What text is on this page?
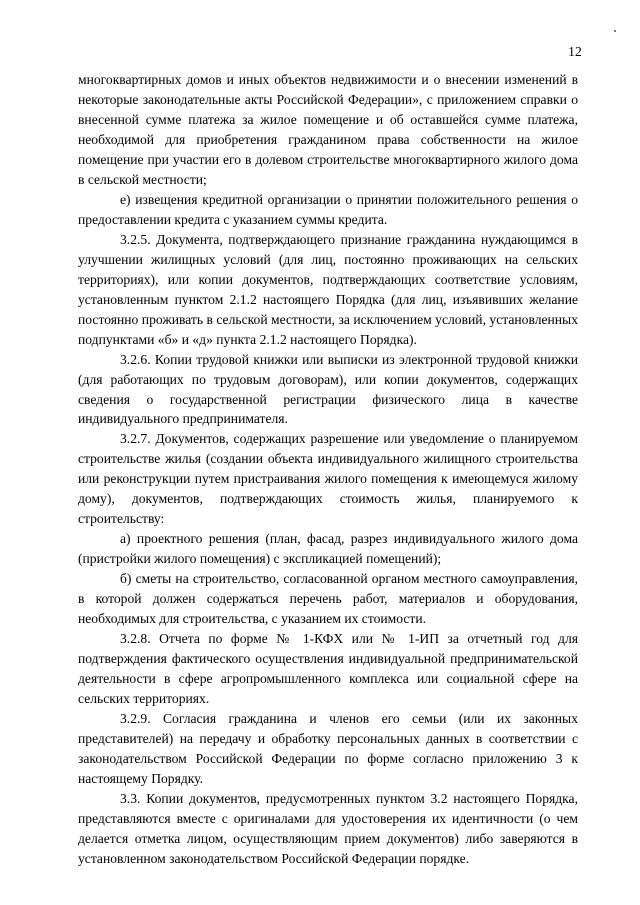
12

многоквартирных домов и иных объектов недвижимости и о внесении изменений в некоторые законодательные акты Российской Федерации», с приложением справки о внесенной сумме платежа за жилое помещение и об оставшейся сумме платежа, необходимой для приобретения гражданином права собственности на жилое помещение при участии его в долевом строительстве многоквартирного жилого дома в сельской местности;

е) извещения кредитной организации о принятии положительного решения о предоставлении кредита с указанием суммы кредита.

3.2.5. Документа, подтверждающего признание гражданина нуждающимся в улучшении жилищных условий (для лиц, постоянно проживающих на сельских территориях), или копии документов, подтверждающих соответствие условиям, установленным пунктом 2.1.2 настоящего Порядка (для лиц, изъявивших желание постоянно проживать в сельской местности, за исключением условий, установленных подпунктами «б» и «д» пункта 2.1.2 настоящего Порядка).

3.2.6. Копии трудовой книжки или выписки из электронной трудовой книжки (для работающих по трудовым договорам), или копии документов, содержащих сведения о государственной регистрации физического лица в качестве индивидуального предпринимателя.

3.2.7. Документов, содержащих разрешение или уведомление о планируемом строительстве жилья (создании объекта индивидуального жилищного строительства или реконструкции путем пристраивания жилого помещения к имеющемуся жилому дому), документов, подтверждающих стоимость жилья, планируемого к строительству:

а) проектного решения (план, фасад, разрез индивидуального жилого дома (пристройки жилого помещения) с экспликацией помещений);

б) сметы на строительство, согласованной органом местного самоуправления, в которой должен содержаться перечень работ, материалов и оборудования, необходимых для строительства, с указанием их стоимости.

3.2.8. Отчета по форме № 1-КФХ или № 1-ИП за отчетный год для подтверждения фактического осуществления индивидуальной предпринимательской деятельности в сфере агропромышленного комплекса или социальной сфере на сельских территориях.

3.2.9. Согласия гражданина и членов его семьи (или их законных представителей) на передачу и обработку персональных данных в соответствии с законодательством Российской Федерации по форме согласно приложению 3 к настоящему Порядку.

3.3. Копии документов, предусмотренных пунктом 3.2 настоящего Порядка, представляются вместе с оригиналами для удостоверения их идентичности (о чем делается отметка лицом, осуществляющим прием документов) либо заверяются в установленном законодательством Российской Федерации порядке.
